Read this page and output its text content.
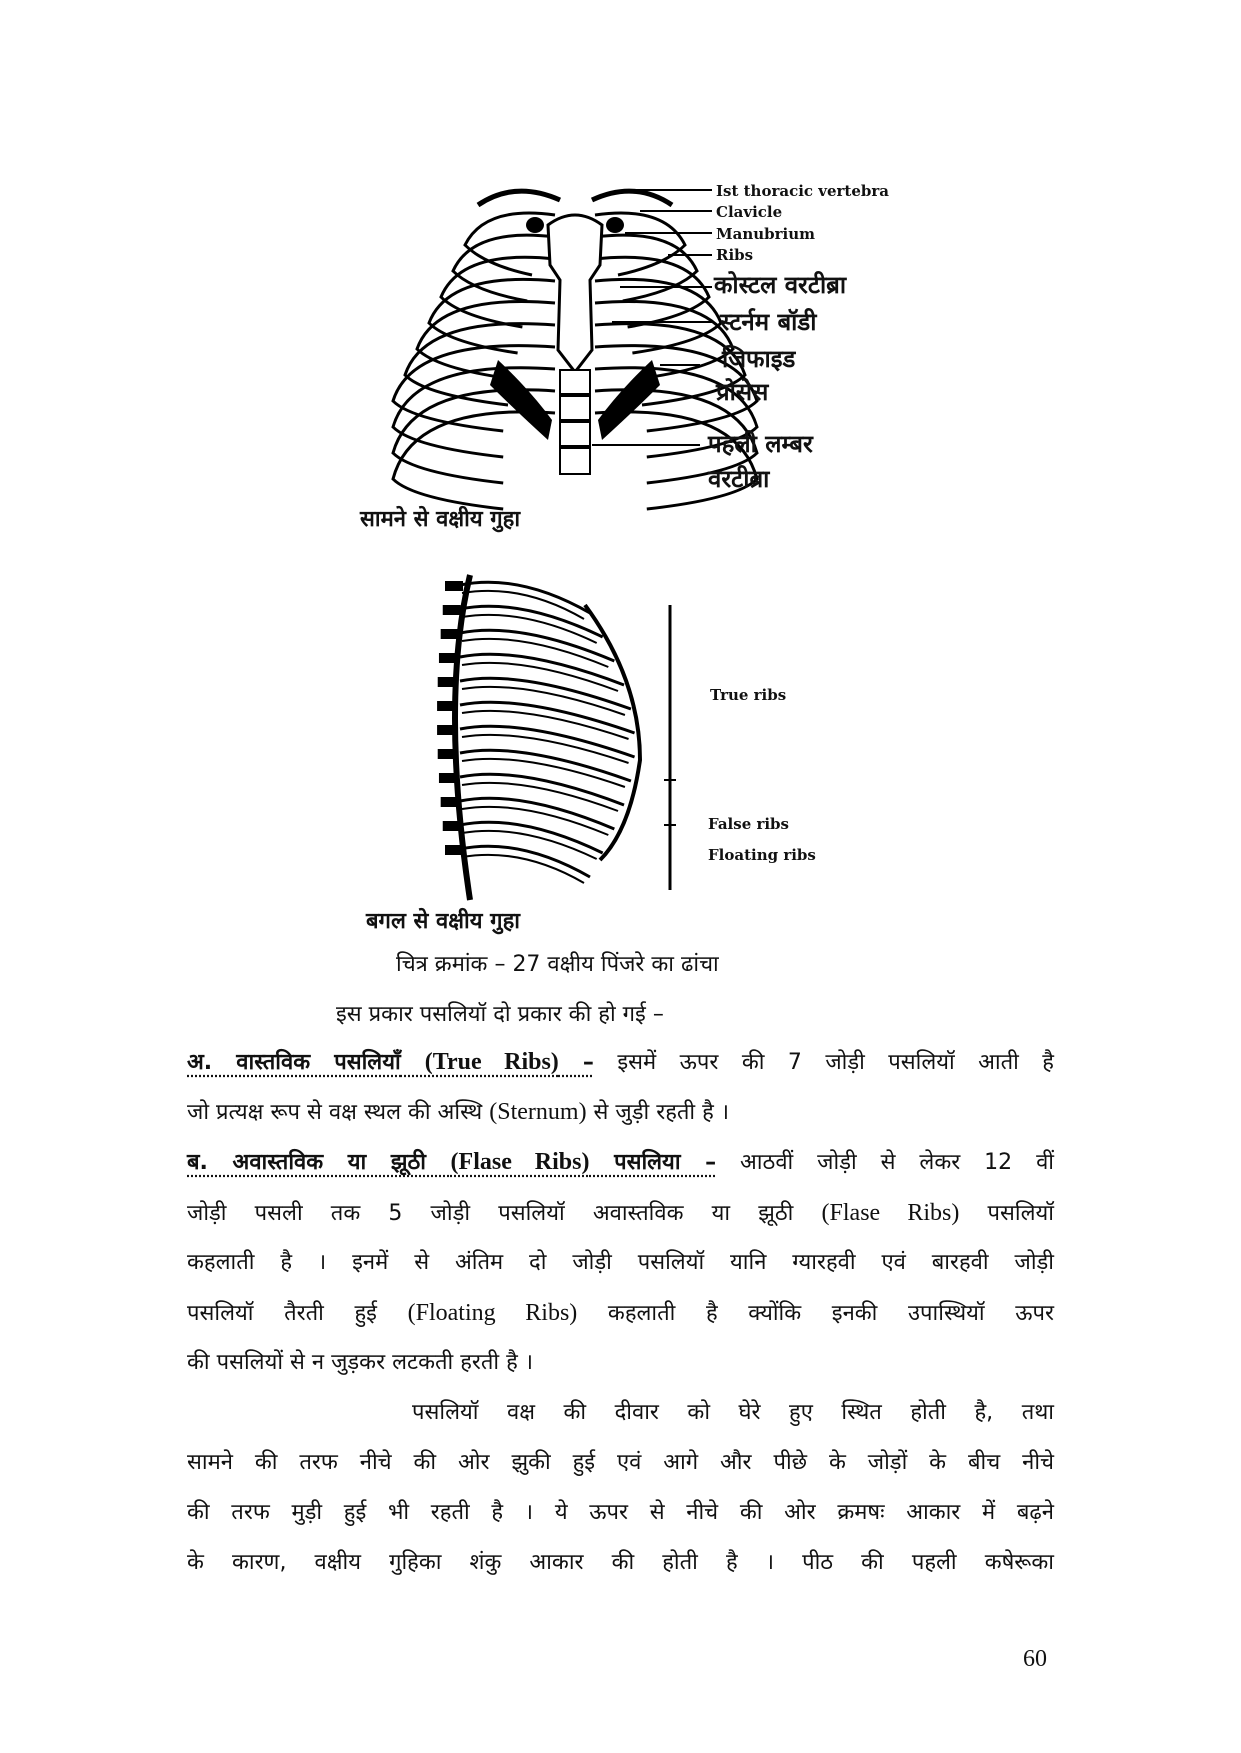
Ist thoracic vertebra
Clavicle
Manubrium
Ribs
कोस्टल वरटीब्रा
स्टर्नम बॉडी
जिफाइड
प्रोसेस
पहली लम्बर
वरटीब्रा
सामने से वक्षीय गुहा
True ribs
False ribs
Floating ribs
बगल से वक्षीय गुहा
चित्र क्रमांक – 27 वक्षीय पिंजरे का ढांचा
इस प्रकार पसलियॉ दो प्रकार की हो गई –
अ. वास्तविक पसलियॉं (True Ribs) – इसमें ऊपर की 7 जोड़ी पसलियॉ आती है
जो प्रत्यक्ष रूप से वक्ष स्थल की अस्थि (Sternum) से जुड़ी रहती है ।
ब. अवास्तविक या झूठी (Flase Ribs) पसलिया – आठवीं जोड़ी से लेकर 12 वीं
जोड़ी पसली तक 5 जोड़ी पसलियॉ अवास्तविक या झूठी (Flase Ribs) पसलियॉ
कहलाती है । इनमें से अंतिम दो जोड़ी पसलियॉ यानि ग्यारहवी एवं बारहवी जोड़ी
पसलियॉ तैरती हुई (Floating Ribs) कहलाती है क्योंकि इनकी उपास्थियॉ ऊपर
की पसलियों से न जुड़कर लटकती हरती है ।
पसलियॉ वक्ष की दीवार को घेरे हुए स्थित होती है, तथा
सामने की तरफ नीचे की ओर झुकी हुई एवं आगे और पीछे के जोड़ों के बीच नीचे
की तरफ मुड़ी हुई भी रहती है । ये ऊपर से नीचे की ओर क्रमषः आकार में बढ़ने
के कारण, वक्षीय गुहिका शंकु आकार की होती है । पीठ की पहली कषेरूका
60
